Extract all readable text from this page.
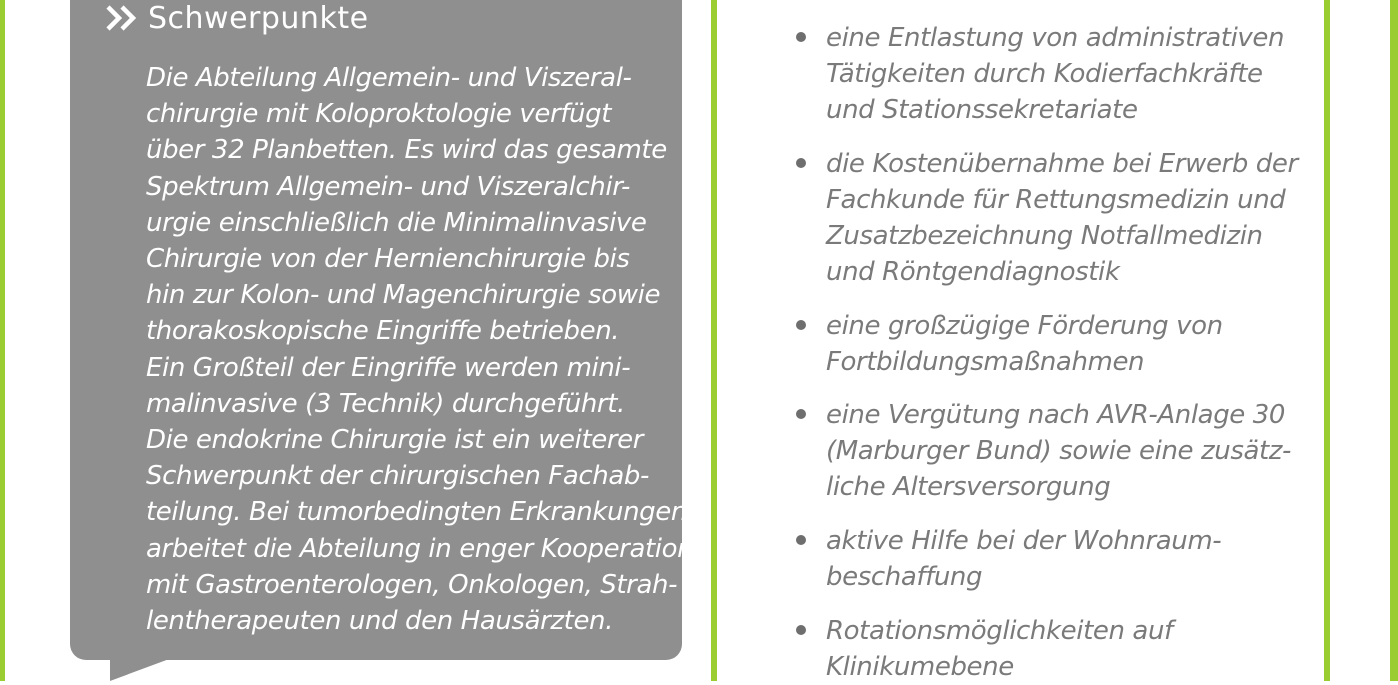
Schwerpunkte
Die Abteilung Allgemein- und Viszeral-
chirurgie mit Koloproktologie verfügt
über 32 Planbetten. Es wird das gesamte
Spektrum Allgemein- und Viszeralchir-
urgie einschließlich die Minimalinvasive
Chirurgie von der Hernienchirurgie bis
hin zur Kolon- und Magenchirurgie sowie
thorakoskopische Eingriffe betrieben.
Ein Großteil der Eingriffe werden mini-
malinvasive (3 Technik) durchgeführt.
Die endokrine Chirurgie ist ein weiterer
Schwerpunkt der chirurgischen Fachab-
teilung. Bei tumorbedingten Erkrankungen
arbeitet die Abteilung in enger Kooperation
mit Gastroenterologen, Onkologen, Strah-
lentherapeuten und den Hausärzten.
eine Entlastung von administrativen
Tätigkeiten durch Kodierfachkräfte
und Stationssekretariate
die Kostenübernahme bei Erwerb der
Fachkunde für Rettungsmedizin und
Zusatzbezeichnung Notfallmedizin
und Röntgendiagnostik
eine großzügige Förderung von
Fortbildungsmaßnahmen
eine Vergütung nach AVR-Anlage 30
(Marburger Bund) sowie eine zusätz-
liche Altersversorgung
aktive Hilfe bei der Wohnraum-
beschaffung
Rotationsmöglichkeiten auf
Klinikumebene
